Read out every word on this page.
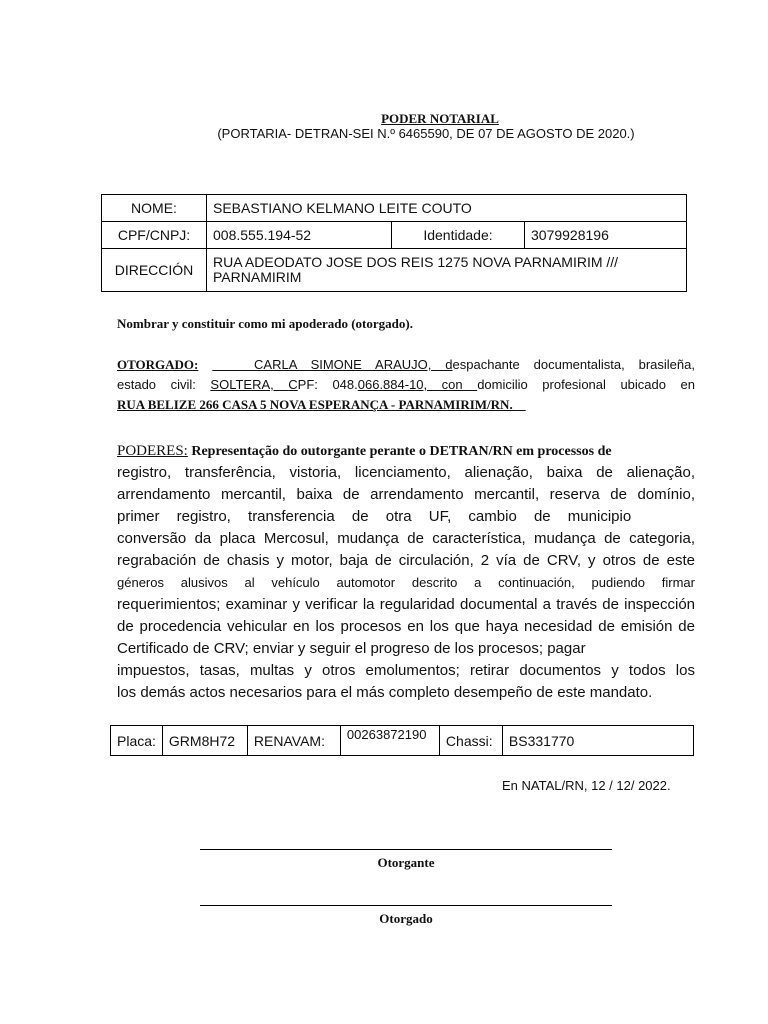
PODER NOTARIAL
(PORTARIA- DETRAN-SEI N.º 6465590, DE 07 DE AGOSTO DE 2020.)
NOME:	SEBASTIANO KELMANO LEITE COUTO		
CPF/CNPJ:	008.555.194-52	Identidade:	3079928196
DIRECCIÓN	RUA ADEODATO JOSE DOS REIS 1275 NOVA PARNAMIRIM ///
PARNAMIRIM		
Nombrar y constituir como mi apoderado (otorgado).
OTORGADO:    CARLA SIMONE ARAUJO, despachante documentalista, brasileña,
estado civil: SOLTERA, CPF: 048.066.884-10, con domicilio profesional ubicado en
RUA BELIZE 266 CASA 5 NOVA ESPERANÇA - PARNAMIRIM/RN.
PODERES: Representação do outorgante perante o DETRAN/RN em processos de
registro, transferência, vistoria, licenciamento, alienação, baixa de alienação,
arrendamento mercantil, baixa de arrendamento mercantil, reserva de domínio,
primer registro, transferencia de otra UF, cambio de municipio
conversão da placa Mercosul, mudança de característica, mudança de categoria,
regrabación de chasis y motor, baja de circulación, 2 vía de CRV, y otros de este
géneros alusivos al vehículo automotor descrito a continuación, pudiendo firmar
requerimientos; examinar y verificar la regularidad documental a través de inspección
de procedencia vehicular en los procesos en los que haya necesidad de emisión de
Certificado de CRV; enviar y seguir el progreso de los procesos; pagar
impuestos, tasas, multas y otros emolumentos; retirar documentos y todos los
los demás actos necesarios para el más completo desempeño de este mandato.
Placa:	GRM8H72	RENAVAM:	00263872190	Chassi:	BS331770
En NATAL/RN, 12 / 12/ 2022.
Otorgante
Otorgado
